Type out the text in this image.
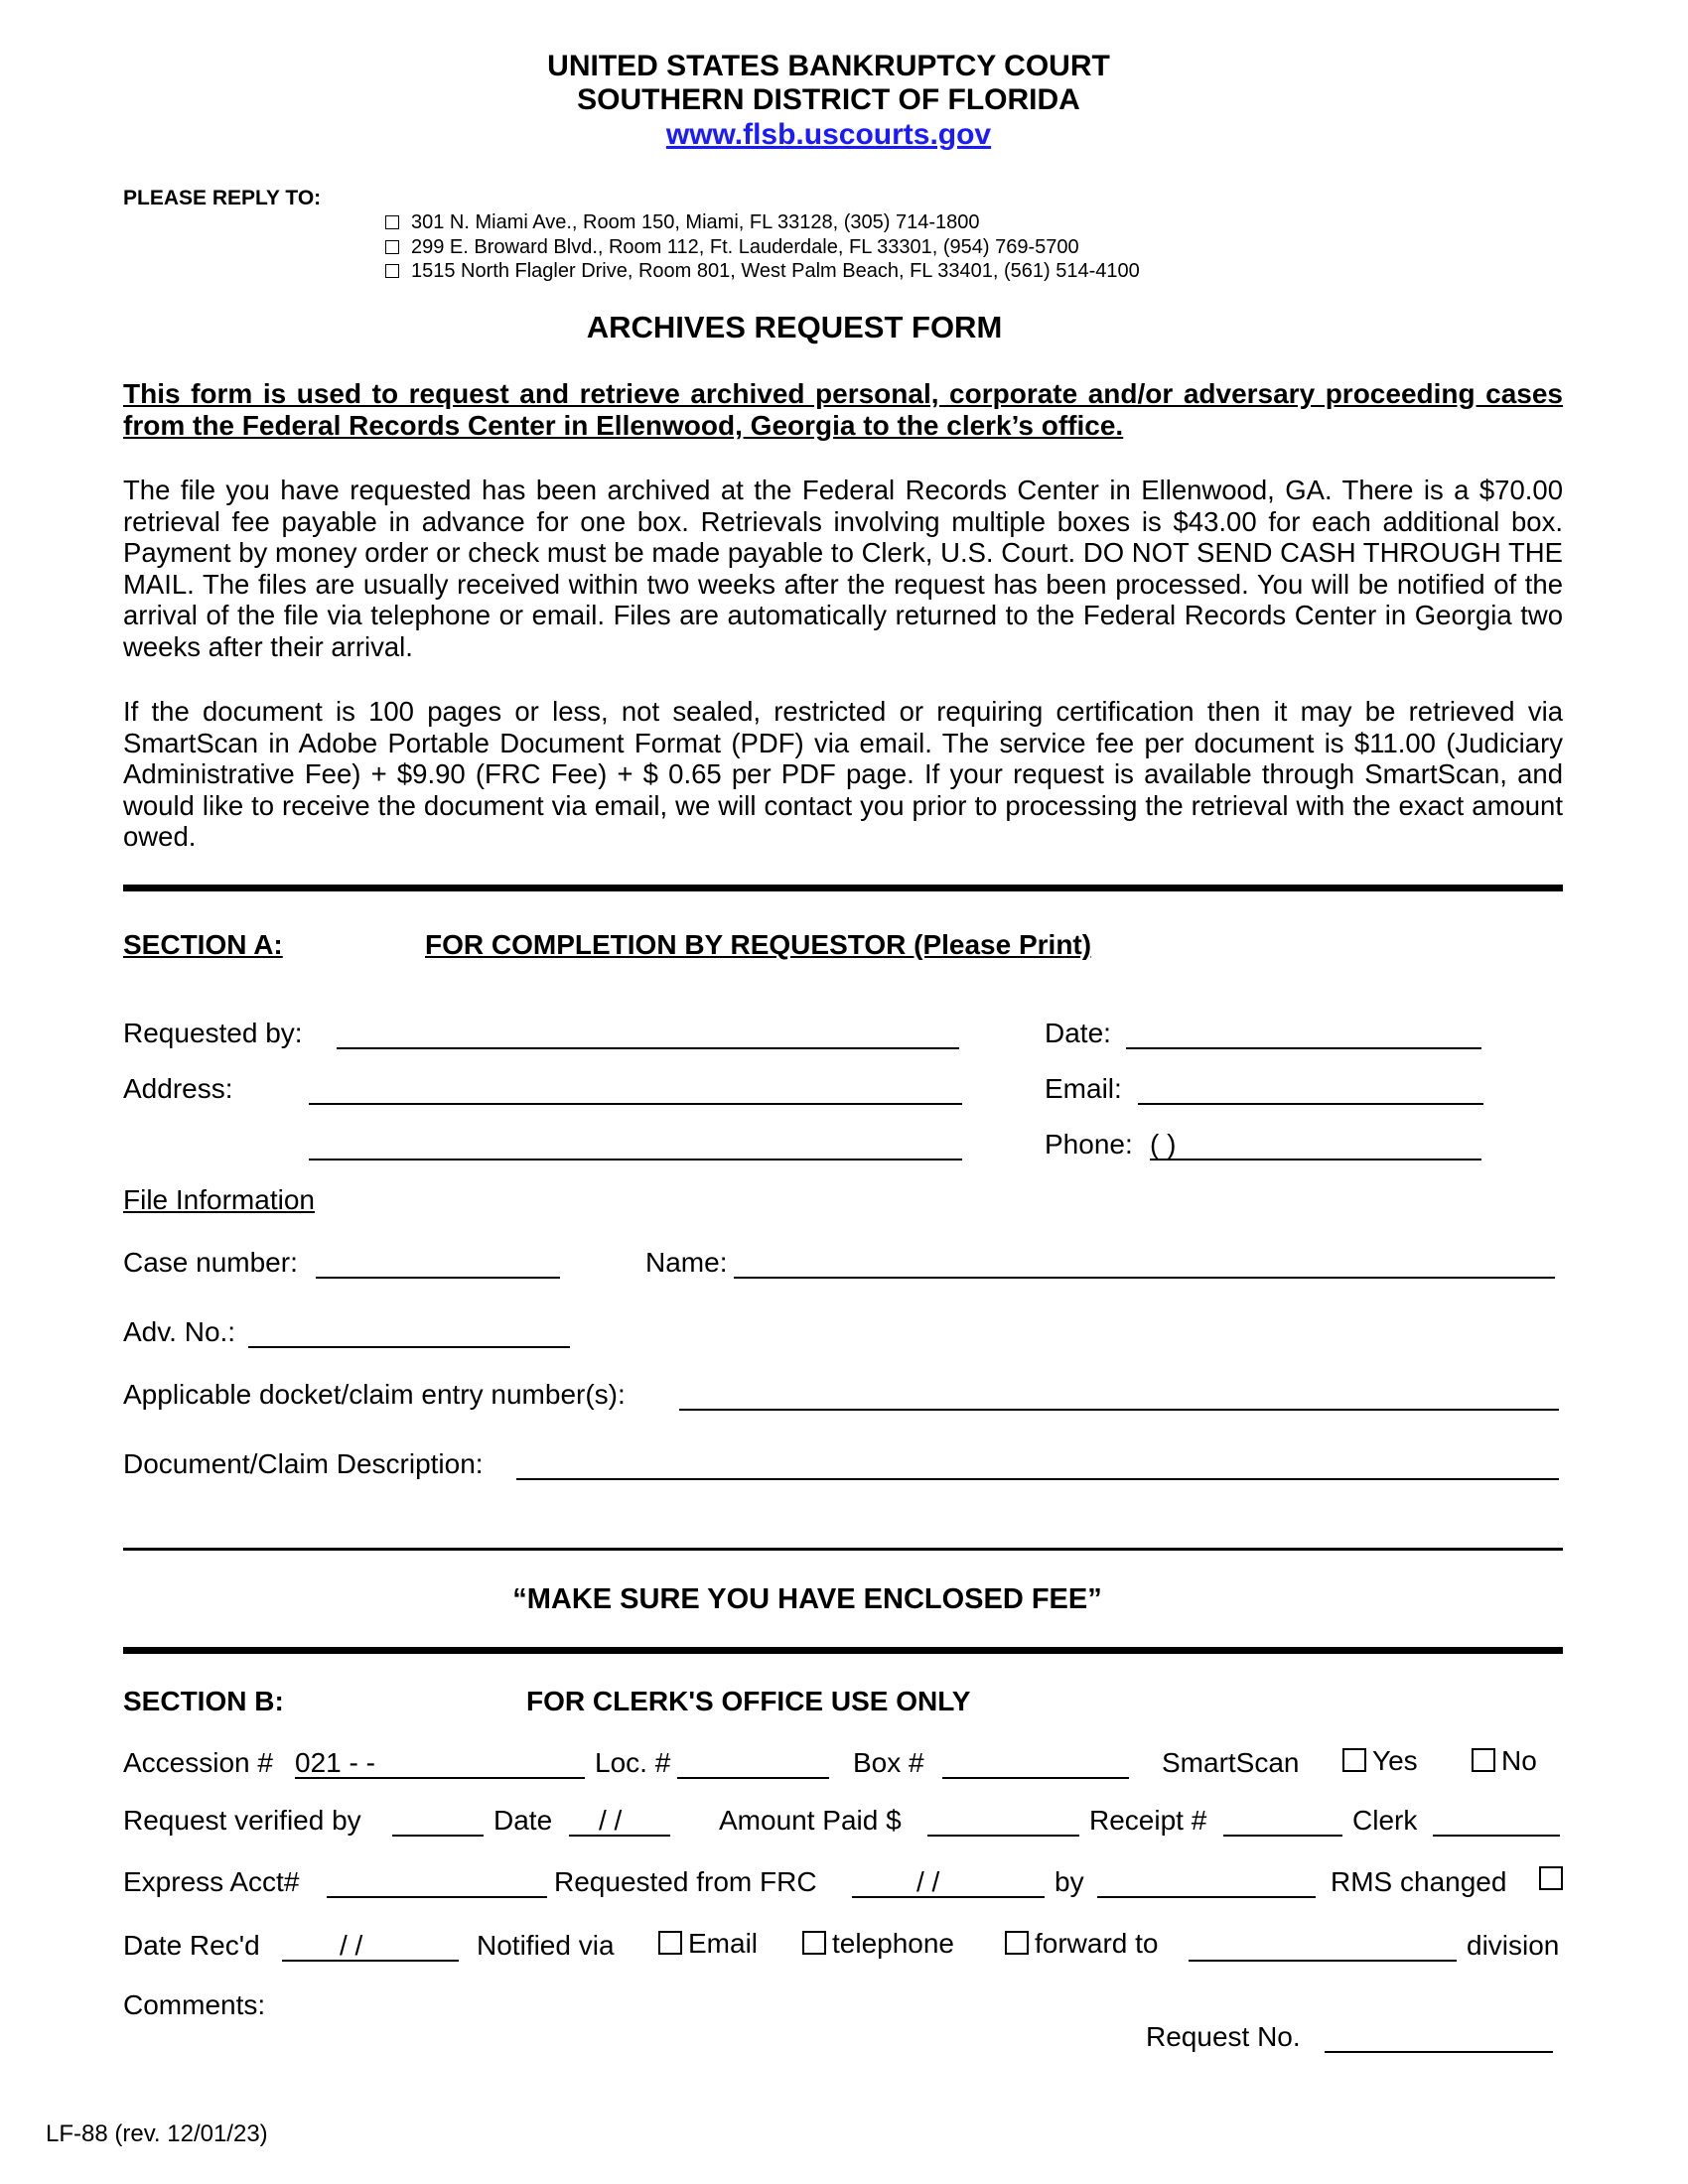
UNITED STATES BANKRUPTCY COURT
SOUTHERN DISTRICT OF FLORIDA
www.flsb.uscourts.gov
PLEASE REPLY TO:
301 N. Miami Ave., Room 150, Miami, FL 33128, (305) 714-1800
299 E. Broward Blvd., Room 112, Ft. Lauderdale, FL 33301, (954) 769-5700
1515 North Flagler Drive, Room 801, West Palm Beach, FL 33401, (561) 514-4100
ARCHIVES REQUEST FORM
This form is used to request and retrieve archived personal, corporate and/or adversary proceeding cases from the Federal Records Center in Ellenwood, Georgia to the clerk’s office.
The file you have requested has been archived at the Federal Records Center in Ellenwood, GA. There is a $70.00 retrieval fee payable in advance for one box. Retrievals involving multiple boxes is $43.00 for each additional box. Payment by money order or check must be made payable to Clerk, U.S. Court. DO NOT SEND CASH THROUGH THE MAIL. The files are usually received within two weeks after the request has been processed. You will be notified of the arrival of the file via telephone or email. Files are automatically returned to the Federal Records Center in Georgia two weeks after their arrival.
If the document is 100 pages or less, not sealed, restricted or requiring certification then it may be retrieved via SmartScan in Adobe Portable Document Format (PDF) via email. The service fee per document is $11.00 (Judiciary Administrative Fee) + $9.90 (FRC Fee) + $ 0.65 per PDF page. If your request is available through SmartScan, and would like to receive the document via email, we will contact you prior to processing the retrieval with the exact amount owed.
SECTION A:	FOR COMPLETION BY REQUESTOR (Please Print)
Requested by:	Date:
Address:	Email:
Phone: ( )
File Information
Case number:	Name:
Adv. No.:
Applicable docket/claim entry number(s):
Document/Claim Description:
“MAKE SURE YOU HAVE ENCLOSED FEE”
SECTION B:	FOR CLERK'S OFFICE USE ONLY
Accession # 021 - -	Loc. #	Box #	SmartScan	Yes	No
Request verified by	Date / /	Amount Paid $	Receipt #	Clerk
Express Acct#	Requested from FRC	/ /	by	RMS changed
Date Rec'd	/ /	Notified via	Email	telephone	forward to	division
Comments:
Request No.
LF-88 (rev. 12/01/23)
